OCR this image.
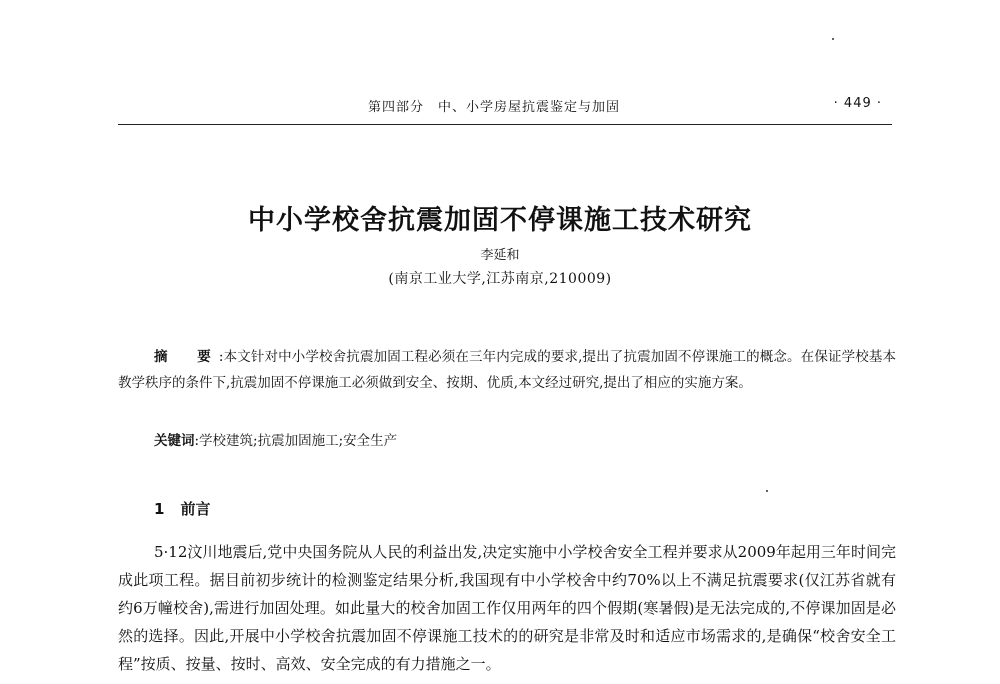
第四部分　中、小学房屋抗震鉴定与加固	· 449 ·
中小学校舍抗震加固不停课施工技术研究
李延和
(南京工业大学,江苏南京,210009)
摘　要:本文针对中小学校舍抗震加固工程必须在三年内完成的要求,提出了抗震加固不停课施工的概念。在保证学校基本教学秩序的条件下,抗震加固不停课施工必须做到安全、按期、优质,本文经过研究,提出了相应的实施方案。
关键词:学校建筑;抗震加固施工;安全生产
1 前言
5·12汶川地震后,党中央国务院从人民的利益出发,决定实施中小学校舍安全工程并要求从2009年起用三年时间完成此项工程。据目前初步统计的检测鉴定结果分析,我国现有中小学校舍中约70%以上不满足抗震要求(仅江苏省就有约6万幢校舍),需进行加固处理。如此量大的校舍加固工作仅用两年的四个假期(寒暑假)是无法完成的,不停课加固是必然的选择。因此,开展中小学校舍抗震加固不停课施工技术的的研究是非常及时和适应市场需求的,是确保“校舍安全工程”按质、按量、按时、高效、安全完成的有力措施之一。
